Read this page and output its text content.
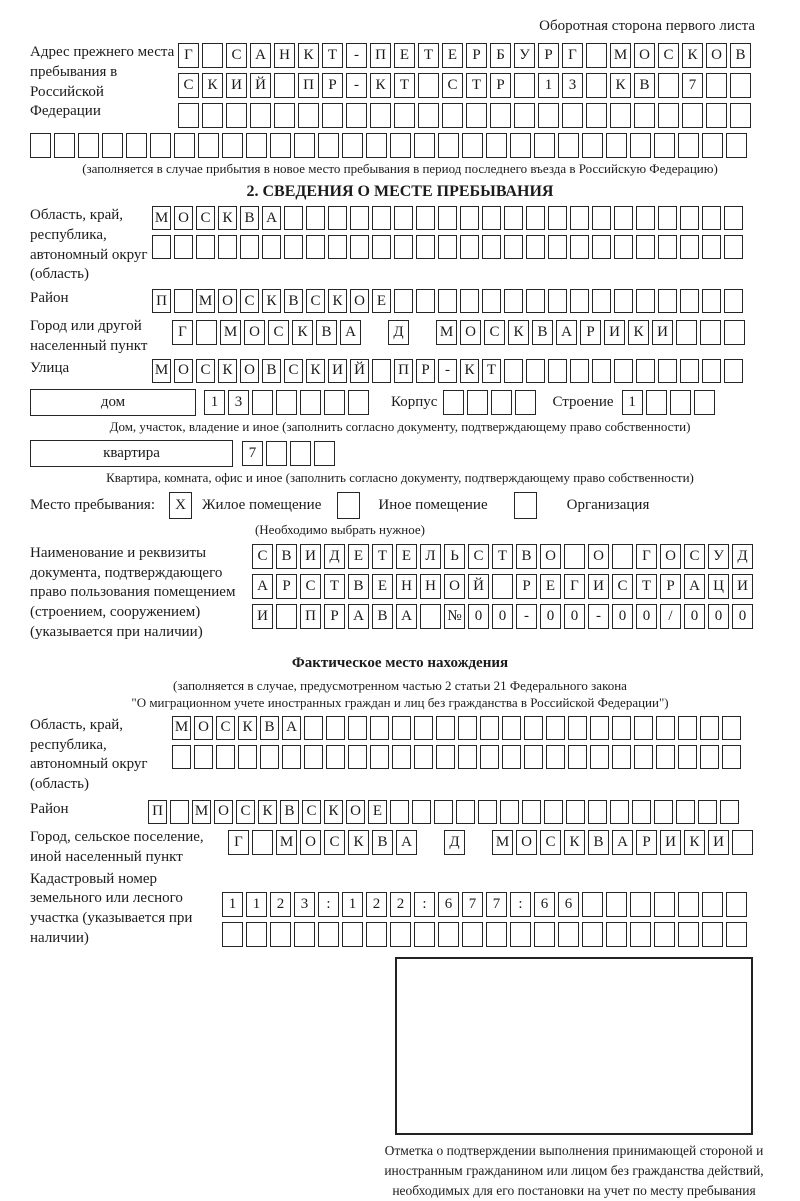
Оборотная сторона первого листа
Адрес прежнего места пребывания в Российской Федерации
Г	С А Н К Т	-	П Е Т Е	Р	Б У Р	Г	М О С К О В
С К И Й	П Р	-	К Т	С Т	Р	1	3	К В	7
(заполняется в случае прибытия в новое место пребывания в период последнего въезда в Российскую Федерацию)
2. СВЕДЕНИЯ О МЕСТЕ ПРЕБЫВАНИЯ
Область, край, республика, автономный округ (область)
М О С К В А
Район	П М О С К В С К О Е
Город или другой населенный пункт
Г	М О С К В А	Д	М О С К В А Р И К И
Улица	М О С К О В С К И Й П Р	- К Т
дом	1	3	Корпус	Строение 1
Дом, участок, владение и иное (заполнить согласно документу, подтверждающему право собственности)
квартира	7
Квартира, комната, офис и иное (заполнить согласно документу, подтверждающему право собственности)
Место пребывания:	X	Жилое помещение	Иное помещение	Организация
(Необходимо выбрать нужное)
Наименование и реквизиты документа, подтверждающего право пользования помещением (строением, сооружением) (указывается при наличии)
С В И Д Е Т Е Л Ь С Т В О	О	Г О С У Д
А Р С Т В Е Н Н О Й	Р	Е	Г И С Т	Р А Ц И
И	П Р А В А	№ 0	0	-	0	0	-	0	0	/	0	0	0
Фактическое место нахождения
(заполняется в случае, предусмотренном частью 2 статьи 21 Федерального закона
"О миграционном учете иностранных граждан и лиц без гражданства в Российской Федерации")
Область, край, республика, автономный округ (область)
М О С К В А
Район	П М О С К В С К О Е
Город, сельское поселение, иной населенный пункт
Г	М О С К В А	Д	М О С К В А Р И К И
Кадастровый номер земельного или лесного участка (указывается при наличии)
1	1	2	3	:	1	2	2	:	6	7	7	:	6	6
Отметка о подтверждении выполнения принимающей стороной и иностранным гражданином или лицом без гражданства действий, необходимых для его постановки на учет по месту пребывания
